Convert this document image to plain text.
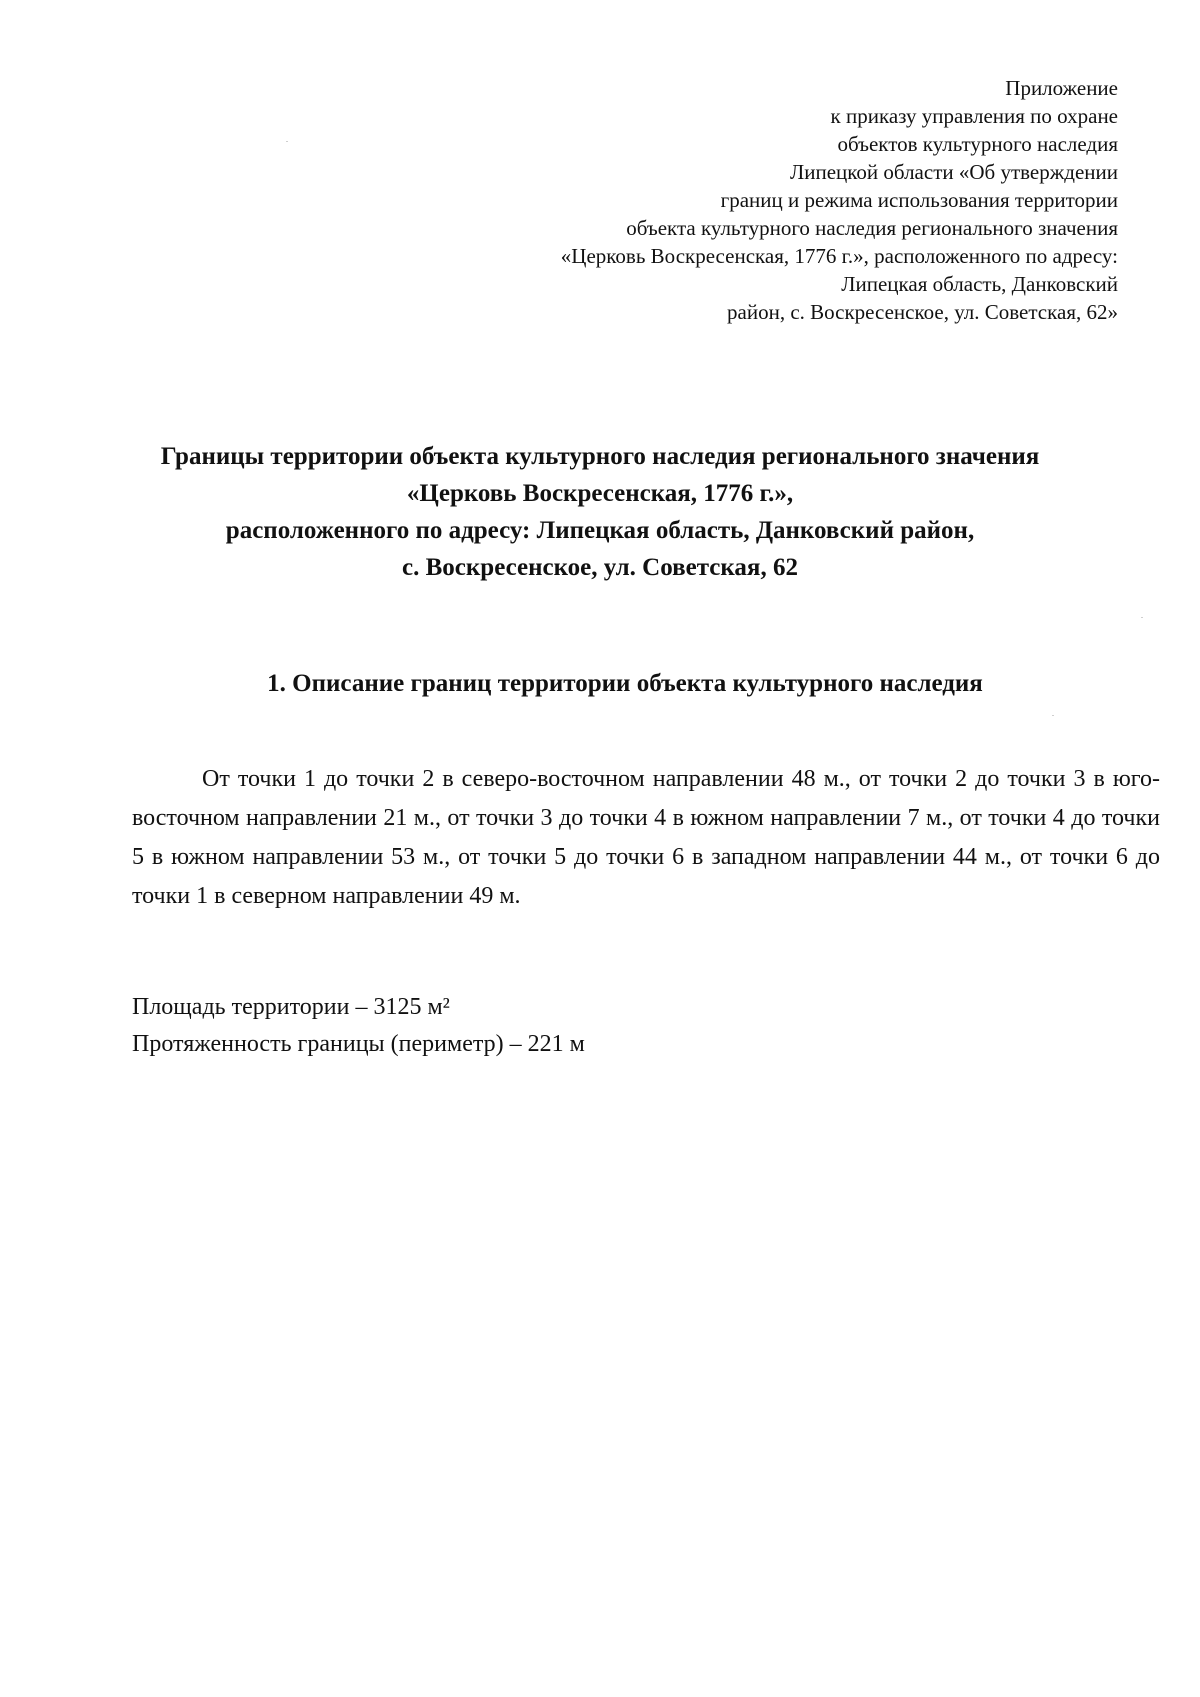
Приложение
к приказу управления по охране
объектов культурного наследия
Липецкой области «Об утверждении
границ и режима использования территории
объекта культурного наследия регионального значения
«Церковь Воскресенская, 1776 г.», расположенного по адресу:
Липецкая область, Данковский
район, с. Воскресенское, ул. Советская, 62»
Границы территории объекта культурного наследия регионального значения
«Церковь Воскресенская, 1776 г.»,
расположенного по адресу: Липецкая область, Данковский район,
с. Воскресенское, ул. Советская, 62
1. Описание границ территории объекта культурного наследия

От точки 1 до точки 2 в северо-восточном направлении 48 м., от точки 2 до точки 3 в юго-восточном направлении 21 м., от точки 3 до точки 4 в южном направлении 7 м., от точки 4 до точки 5 в южном направлении 53 м., от точки 5 до точки 6 в западном направлении 44 м., от точки 6 до точки 1 в северном направлении 49 м.

Площадь территории – 3125 м²
Протяженность границы (периметр) – 221 м
